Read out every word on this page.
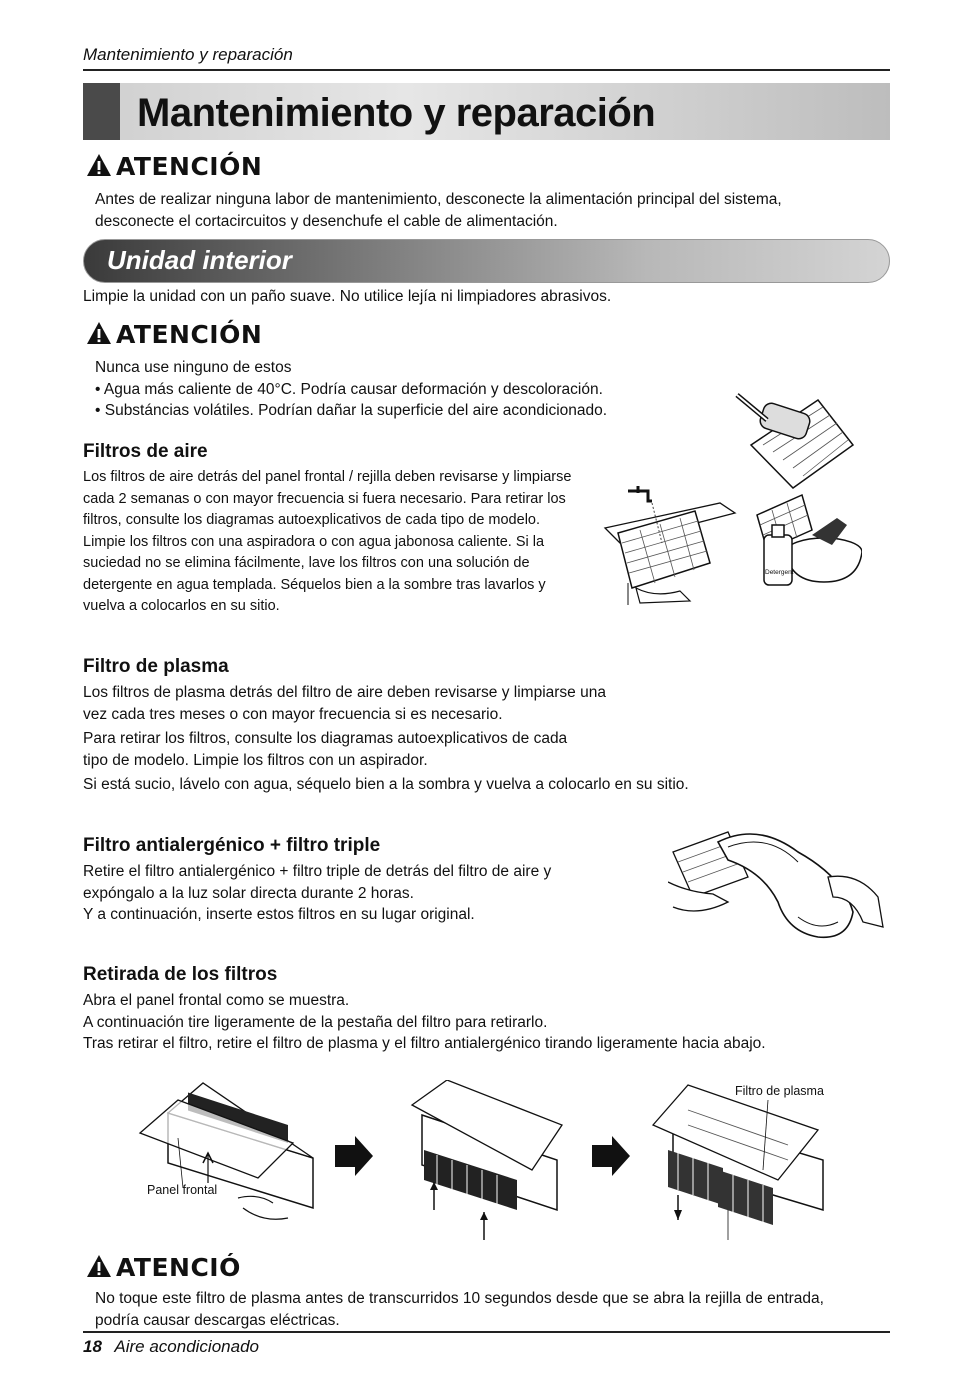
Mantenimiento y reparación
Mantenimiento y reparación
ATENCIÓN
Antes de realizar ninguna labor de mantenimiento, desconecte la alimentación principal del sistema,
desconecte el cortacircuitos y desenchufe el cable de alimentación.
Unidad interior
Limpie la unidad con un paño suave. No utilice lejía ni limpiadores abrasivos.
ATENCIÓN
Nunca use ninguno de estos
• Agua más caliente de 40°C. Podría causar deformación y descoloración.
• Substáncias volátiles. Podrían dañar la superficie del aire acondicionado.
Filtros de aire
Los filtros de aire detrás del panel frontal / rejilla deben revisarse y limpiarse
cada 2 semanas o con mayor frecuencia si fuera necesario. Para retirar los
filtros, consulte los diagramas autoexplicativos de cada tipo de modelo.
Limpie los filtros con una aspiradora o con agua jabonosa caliente. Si la
suciedad no se elimina fácilmente, lave los filtros con una solución de
detergente en agua templada. Séquelos bien a la sombre tras lavarlos y
vuelva a colocarlos en su sitio.
Detergent
Filtro de plasma
Los filtros de plasma detrás del filtro de aire deben revisarse y limpiarse una
vez cada tres meses o con mayor frecuencia si es necesario.
Para retirar los filtros, consulte los diagramas autoexplicativos de cada
tipo de modelo. Limpie los filtros con un aspirador.
Si está sucio, lávelo con agua, séquelo bien a la sombra y vuelva a colocarlo en su sitio.
Filtro antialergénico + filtro triple
Retire el filtro antialergénico + filtro triple de detrás del filtro de aire y
expóngalo a la luz solar directa durante 2 horas.
Y a continuación, inserte estos filtros en su lugar original.
Retirada de los filtros
Abra el panel frontal como se muestra.
A continuación tire ligeramente de la pestaña del filtro para retirarlo.
Tras retirar el filtro, retire el filtro de plasma y el filtro antialergénico tirando ligeramente hacia abajo.
Panel frontal
Filtro de plasma
ATENCIÓ
No toque este filtro de plasma antes de transcurridos 10 segundos desde que se abra la rejilla de entrada,
podría causar descargas eléctricas.
18 Aire acondicionado
